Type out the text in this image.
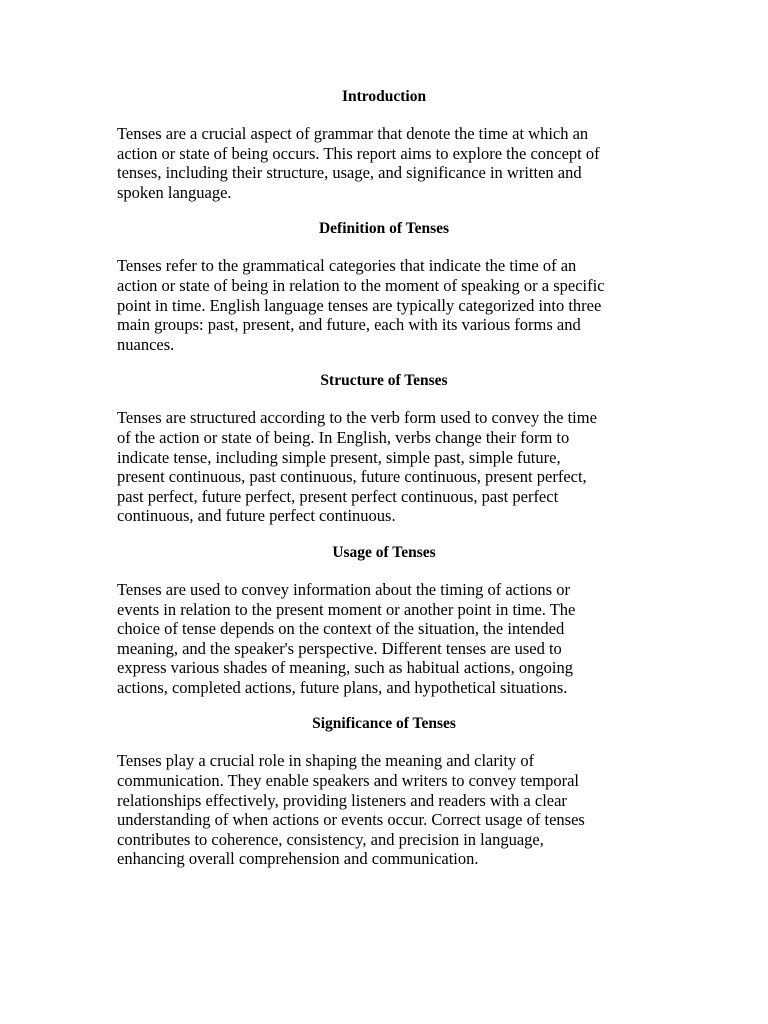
Introduction

Tenses are a crucial aspect of grammar that denote the time at which an
action or state of being occurs. This report aims to explore the concept of
tenses, including their structure, usage, and significance in written and
spoken language.

Definition of Tenses

Tenses refer to the grammatical categories that indicate the time of an
action or state of being in relation to the moment of speaking or a specific
point in time. English language tenses are typically categorized into three
main groups: past, present, and future, each with its various forms and
nuances.

Structure of Tenses

Tenses are structured according to the verb form used to convey the time
of the action or state of being. In English, verbs change their form to
indicate tense, including simple present, simple past, simple future,
present continuous, past continuous, future continuous, present perfect,
past perfect, future perfect, present perfect continuous, past perfect
continuous, and future perfect continuous.

Usage of Tenses

Tenses are used to convey information about the timing of actions or
events in relation to the present moment or another point in time. The
choice of tense depends on the context of the situation, the intended
meaning, and the speaker's perspective. Different tenses are used to
express various shades of meaning, such as habitual actions, ongoing
actions, completed actions, future plans, and hypothetical situations.

Significance of Tenses

Tenses play a crucial role in shaping the meaning and clarity of
communication. They enable speakers and writers to convey temporal
relationships effectively, providing listeners and readers with a clear
understanding of when actions or events occur. Correct usage of tenses
contributes to coherence, consistency, and precision in language,
enhancing overall comprehension and communication.
